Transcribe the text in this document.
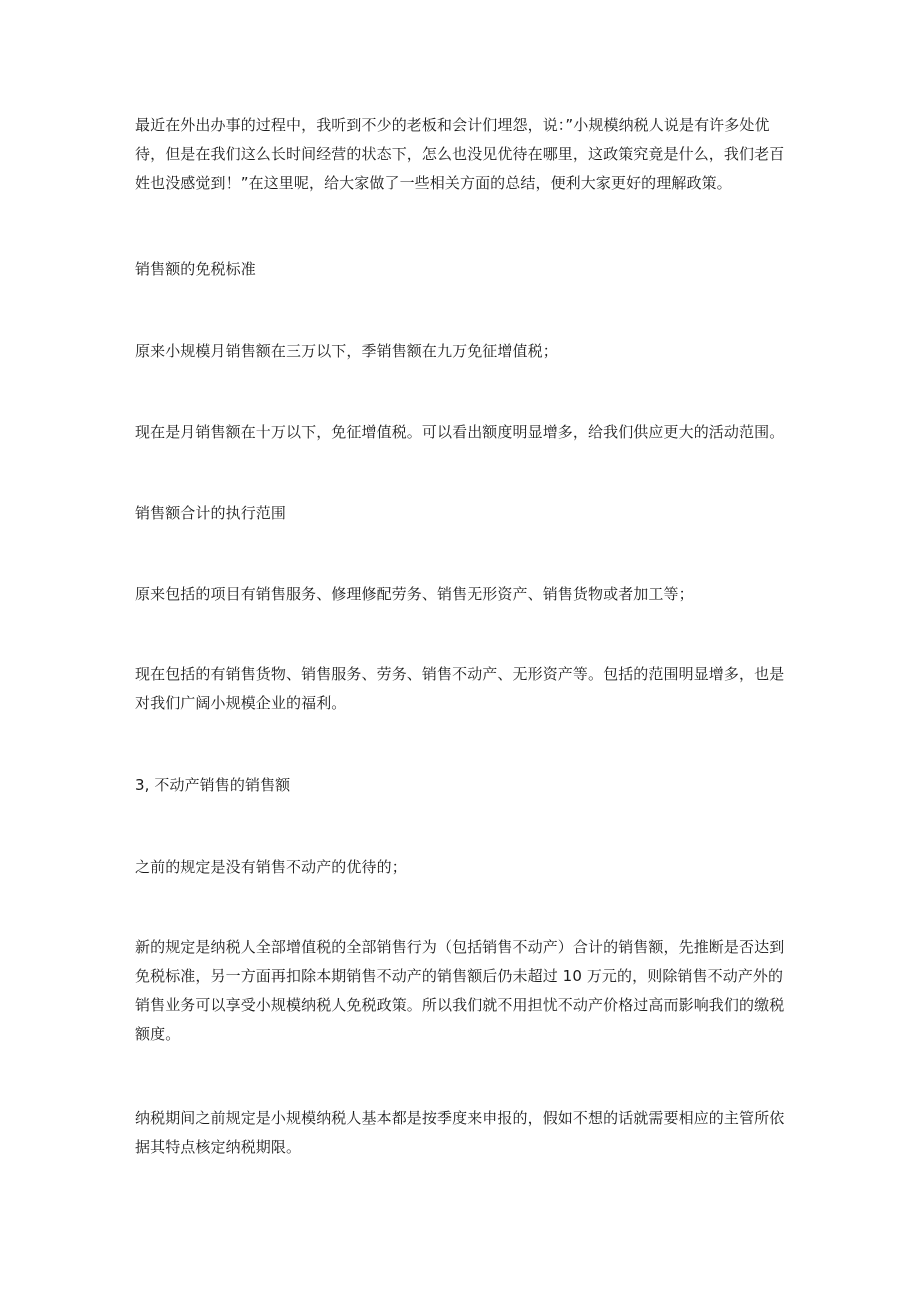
最近在外出办事的过程中，我听到不少的老板和会计们埋怨，说：”小规模纳税人说是有许多处优待，但是在我们这么长时间经营的状态下，怎么也没见优待在哪里，这政策究竟是什么，我们老百姓也没感觉到！”在这里呢，给大家做了一些相关方面的总结，便利大家更好的理解政策。

销售额的免税标准

原来小规模月销售额在三万以下，季销售额在九万免征增值税；

现在是月销售额在十万以下，免征增值税。可以看出额度明显增多，给我们供应更大的活动范围。

销售额合计的执行范围

原来包括的项目有销售服务、修理修配劳务、销售无形资产、销售货物或者加工等；

现在包括的有销售货物、销售服务、劳务、销售不动产、无形资产等。包括的范围明显增多，也是对我们广阔小规模企业的福利。

3, 不动产销售的销售额

之前的规定是没有销售不动产的优待的；

新的规定是纳税人全部增值税的全部销售行为（包括销售不动产）合计的销售额，先推断是否达到免税标准，另一方面再扣除本期销售不动产的销售额后仍未超过 10 万元的，则除销售不动产外的销售业务可以享受小规模纳税人免税政策。所以我们就不用担忧不动产价格过高而影响我们的缴税额度。

纳税期间之前规定是小规模纳税人基本都是按季度来申报的，假如不想的话就需要相应的主管所依据其特点核定纳税期限。
